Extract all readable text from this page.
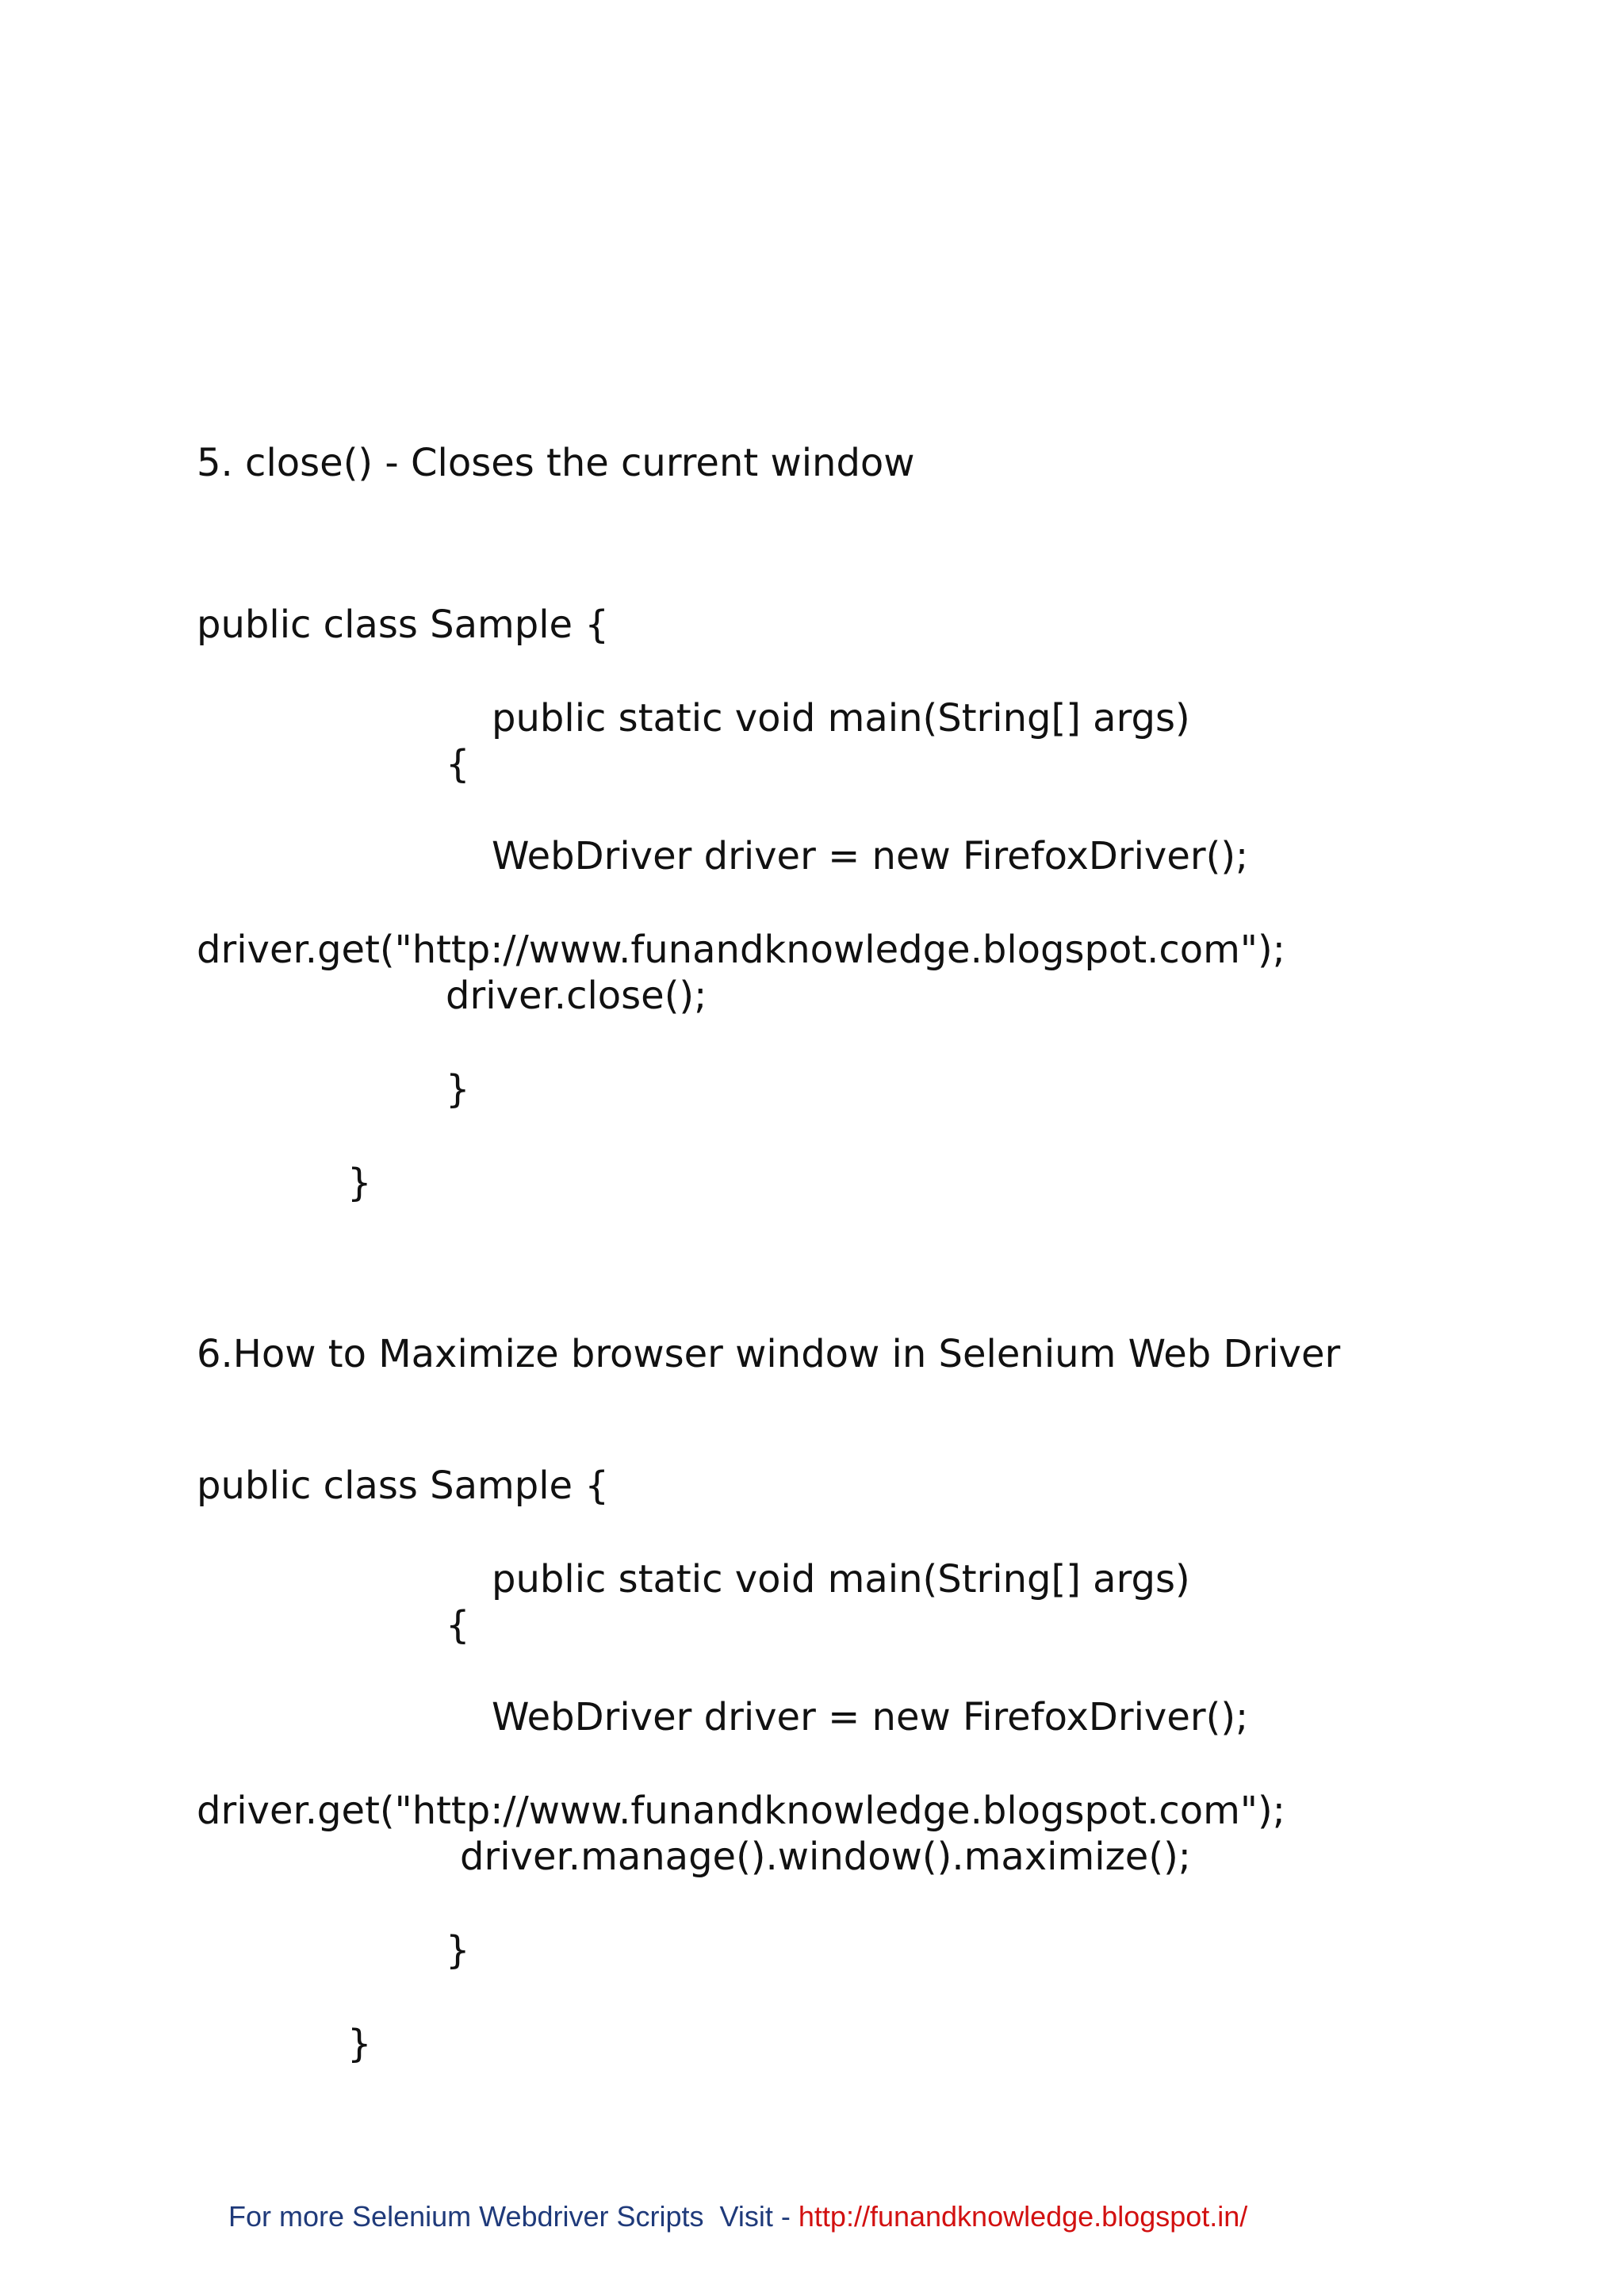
5. close() - Closes the current window
public class Sample {
public static void main(String[] args)
{
WebDriver driver = new FirefoxDriver();
driver.get("http://www.funandknowledge.blogspot.com");
driver.close();
}
}
6.How to Maximize browser window in Selenium Web Driver
public class Sample {
public static void main(String[] args)
{
WebDriver driver = new FirefoxDriver();
driver.get("http://www.funandknowledge.blogspot.com");
driver.manage().window().maximize();
}
}

For more Selenium Webdriver Scripts  Visit - http://funandknowledge.blogspot.in/
